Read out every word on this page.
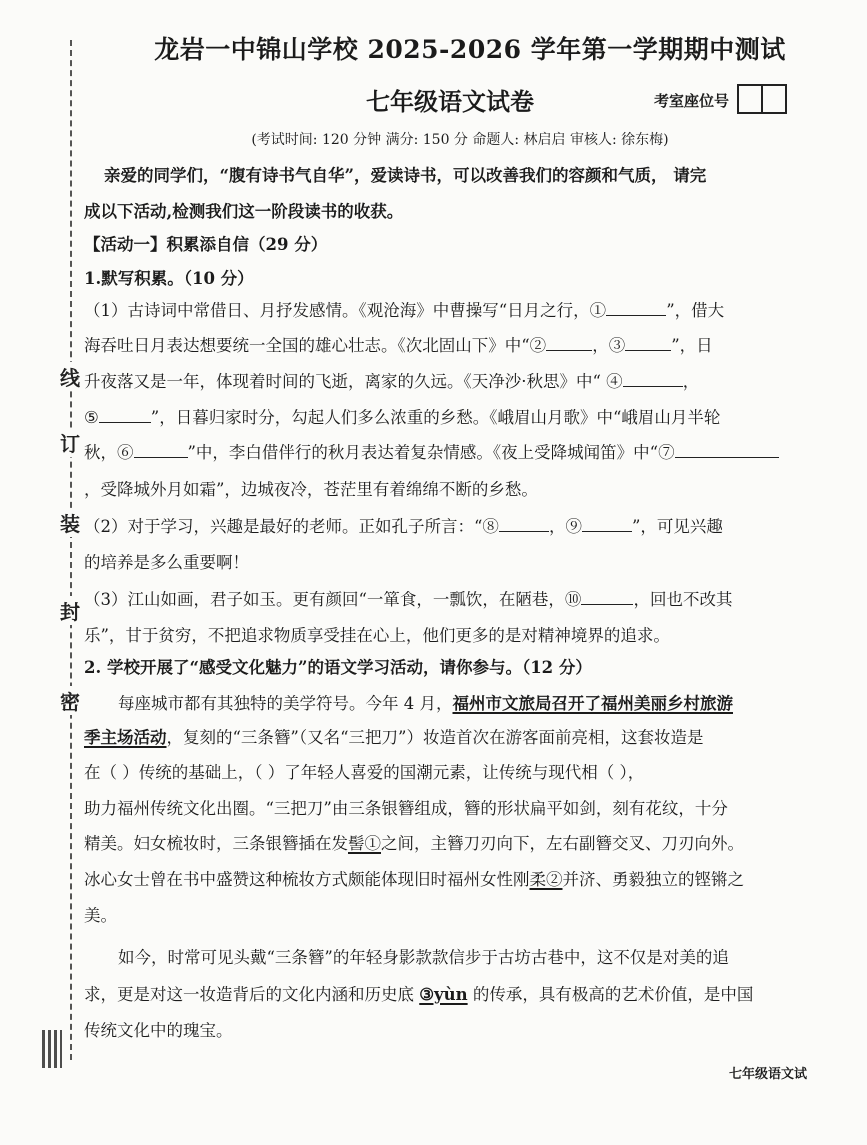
线
订
装
封
密
龙岩一中锦山学校 2025-2026 学年第一学期期中测试
七年级语文试卷	考室座位号
(考试时间: 120 分钟 满分: 150 分 命题人: 林启启 审核人: 徐东梅)
亲爱的同学们，“腹有诗书气自华”，爱读诗书，可以改善我们的容颜和气质， 请完
成以下活动,检测我们这一阶段读书的收获。
【活动一】积累添自信（29 分）
1.默写积累。（10 分）
（1）古诗词中常借日、月抒发感情。《观沧海》中曹操写“日月之行，①	”，借大
海吞吐日月表达想要统一全国的雄心壮志。《次北固山下》中“②	，③	”，日
升夜落又是一年，体现着时间的飞逝，离家的久远。《天净沙·秋思》中“ ④	，
⑤	”，日暮归家时分，勾起人们多么浓重的乡愁。《峨眉山月歌》中“峨眉山月半轮
秋，⑥	”中，李白借伴行的秋月表达着复杂情感。《夜上受降城闻笛》中“⑦
，受降城外月如霜”，边城夜冷，苍茫里有着绵绵不断的乡愁。
（2）对于学习，兴趣是最好的老师。正如孔子所言：“⑧	，⑨	”，可见兴趣
的培养是多么重要啊！
（3）江山如画，君子如玉。更有颜回“一箪食，一瓢饮，在陋巷，⑩	，回也不改其
乐”，甘于贫穷，不把追求物质享受挂在心上，他们更多的是对精神境界的追求。
2. 学校开展了“感受文化魅力”的语文学习活动，请你参与。（12 分）
每座城市都有其独特的美学符号。今年 4 月，福州市文旅局召开了福州美丽乡村旅游
季主场活动，复刻的“三条簪”（又名“三把刀”）妆造首次在游客面前亮相，这套妆造是
在（ ）传统的基础上，（ ）了年轻人喜爱的国潮元素，让传统与现代相（ ），
助力福州传统文化出圈。“三把刀”由三条银簪组成，簪的形状扁平如剑，刻有花纹，十分
精美。妇女梳妆时，三条银簪插在发髻①之间，主簪刀刃向下，左右副簪交叉、刀刃向外。
冰心女士曾在书中盛赞这种梳妆方式颇能体现旧时福州女性刚柔②并济、勇毅独立的铿锵之
美。
如今，时常可见头戴“三条簪”的年轻身影款款信步于古坊古巷中，这不仅是对美的追
求，更是对这一妆造背后的文化内涵和历史底 ③yùn 的传承，具有极高的艺术价值，是中国
传统文化中的瑰宝。
七年级语文试
